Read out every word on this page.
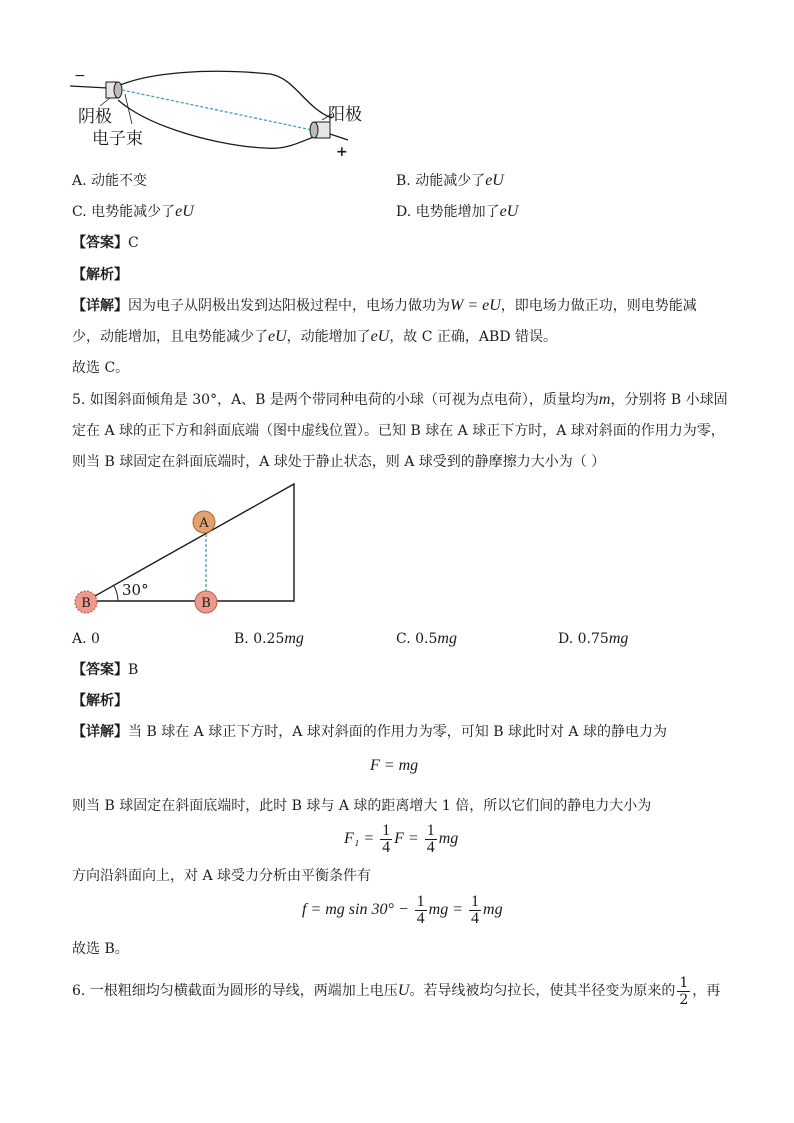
−
+
阴极
电子束
阳极
A. 动能不变	B. 动能减少了eU
C. 电势能减少了eU	D. 电势能增加了eU
【答案】C
【解析】
【详解】因为电子从阴极出发到达阳极过程中，电场力做功为W = eU，即电场力做正功，则电势能减
少，动能增加，且电势能减少了eU，动能增加了eU，故 C 正确，ABD 错误。
故选 C。
5. 如图斜面倾角是 30°，A、B 是两个带同种电荷的小球（可视为点电荷），质量均为m，分别将 B 小球固
定在 A 球的正下方和斜面底端（图中虚线位置）。已知 B 球在 A 球正下方时，A 球对斜面的作用力为零，
则当 B 球固定在斜面底端时，A 球处于静止状态，则 A 球受到的静摩擦力大小为（ ）
30°
A
B	B
A. 0	B. 0.25mg	C. 0.5mg	D. 0.75mg
【答案】B
【解析】
【详解】当 B 球在 A 球正下方时，A 球对斜面的作用力为零，可知 B 球此时对 A 球的静电力为
F = mg
则当 B 球固定在斜面底端时，此时 B 球与 A 球的距离增大 1 倍，所以它们间的静电力大小为
$F_1 = \frac{1}{4}$ $F = \frac{1}{4}$ mg
方向沿斜面向上，对 A 球受力分析由平衡条件有
f = mg $\sin 30^\circ - \frac{1}{4}$ mg = $\frac{1}{4}$ mg
故选 B。
6. 一根粗细均匀横截面为圆形的导线，两端加上电压U。若导线被均匀拉长，使其半径变为原来的 $\frac{1}{2}$ ，再
